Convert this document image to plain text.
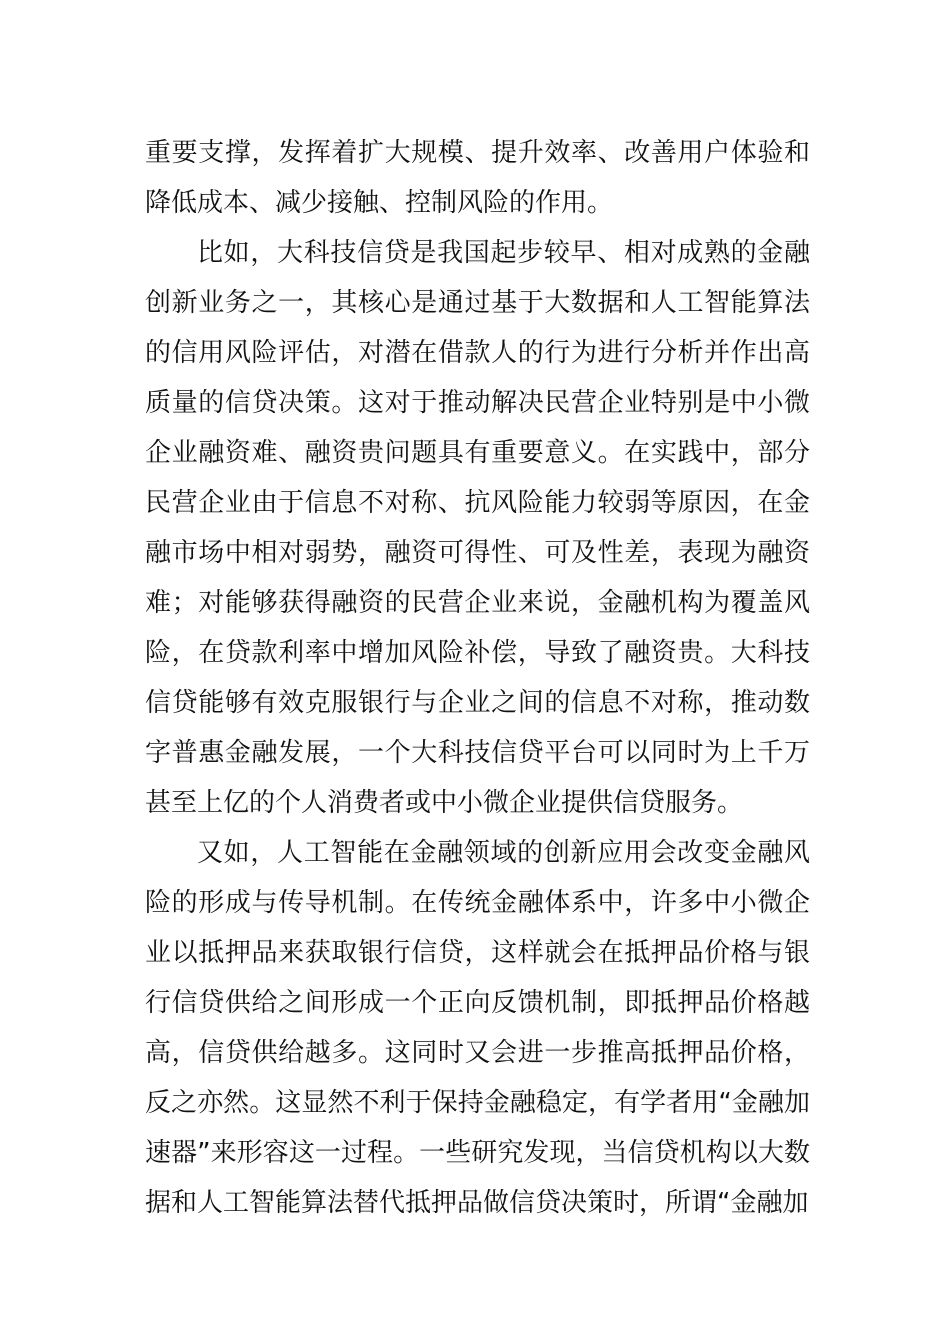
重要支撑，发挥着扩大规模、提升效率、改善用户体验和降低成本、减少接触、控制风险的作用。

比如，大科技信贷是我国起步较早、相对成熟的金融创新业务之一，其核心是通过基于大数据和人工智能算法的信用风险评估，对潜在借款人的行为进行分析并作出高质量的信贷决策。这对于推动解决民营企业特别是中小微企业融资难、融资贵问题具有重要意义。在实践中，部分民营企业由于信息不对称、抗风险能力较弱等原因，在金融市场中相对弱势，融资可得性、可及性差，表现为融资难；对能够获得融资的民营企业来说，金融机构为覆盖风险，在贷款利率中增加风险补偿，导致了融资贵。大科技信贷能够有效克服银行与企业之间的信息不对称，推动数字普惠金融发展，一个大科技信贷平台可以同时为上千万甚至上亿的个人消费者或中小微企业提供信贷服务。

又如，人工智能在金融领域的创新应用会改变金融风险的形成与传导机制。在传统金融体系中，许多中小微企业以抵押品来获取银行信贷，这样就会在抵押品价格与银行信贷供给之间形成一个正向反馈机制，即抵押品价格越高，信贷供给越多。这同时又会进一步推高抵押品价格，反之亦然。这显然不利于保持金融稳定，有学者用“金融加速器”来形容这一过程。一些研究发现，当信贷机构以大数据和人工智能算法替代抵押品做信贷决策时，所谓“金融加
